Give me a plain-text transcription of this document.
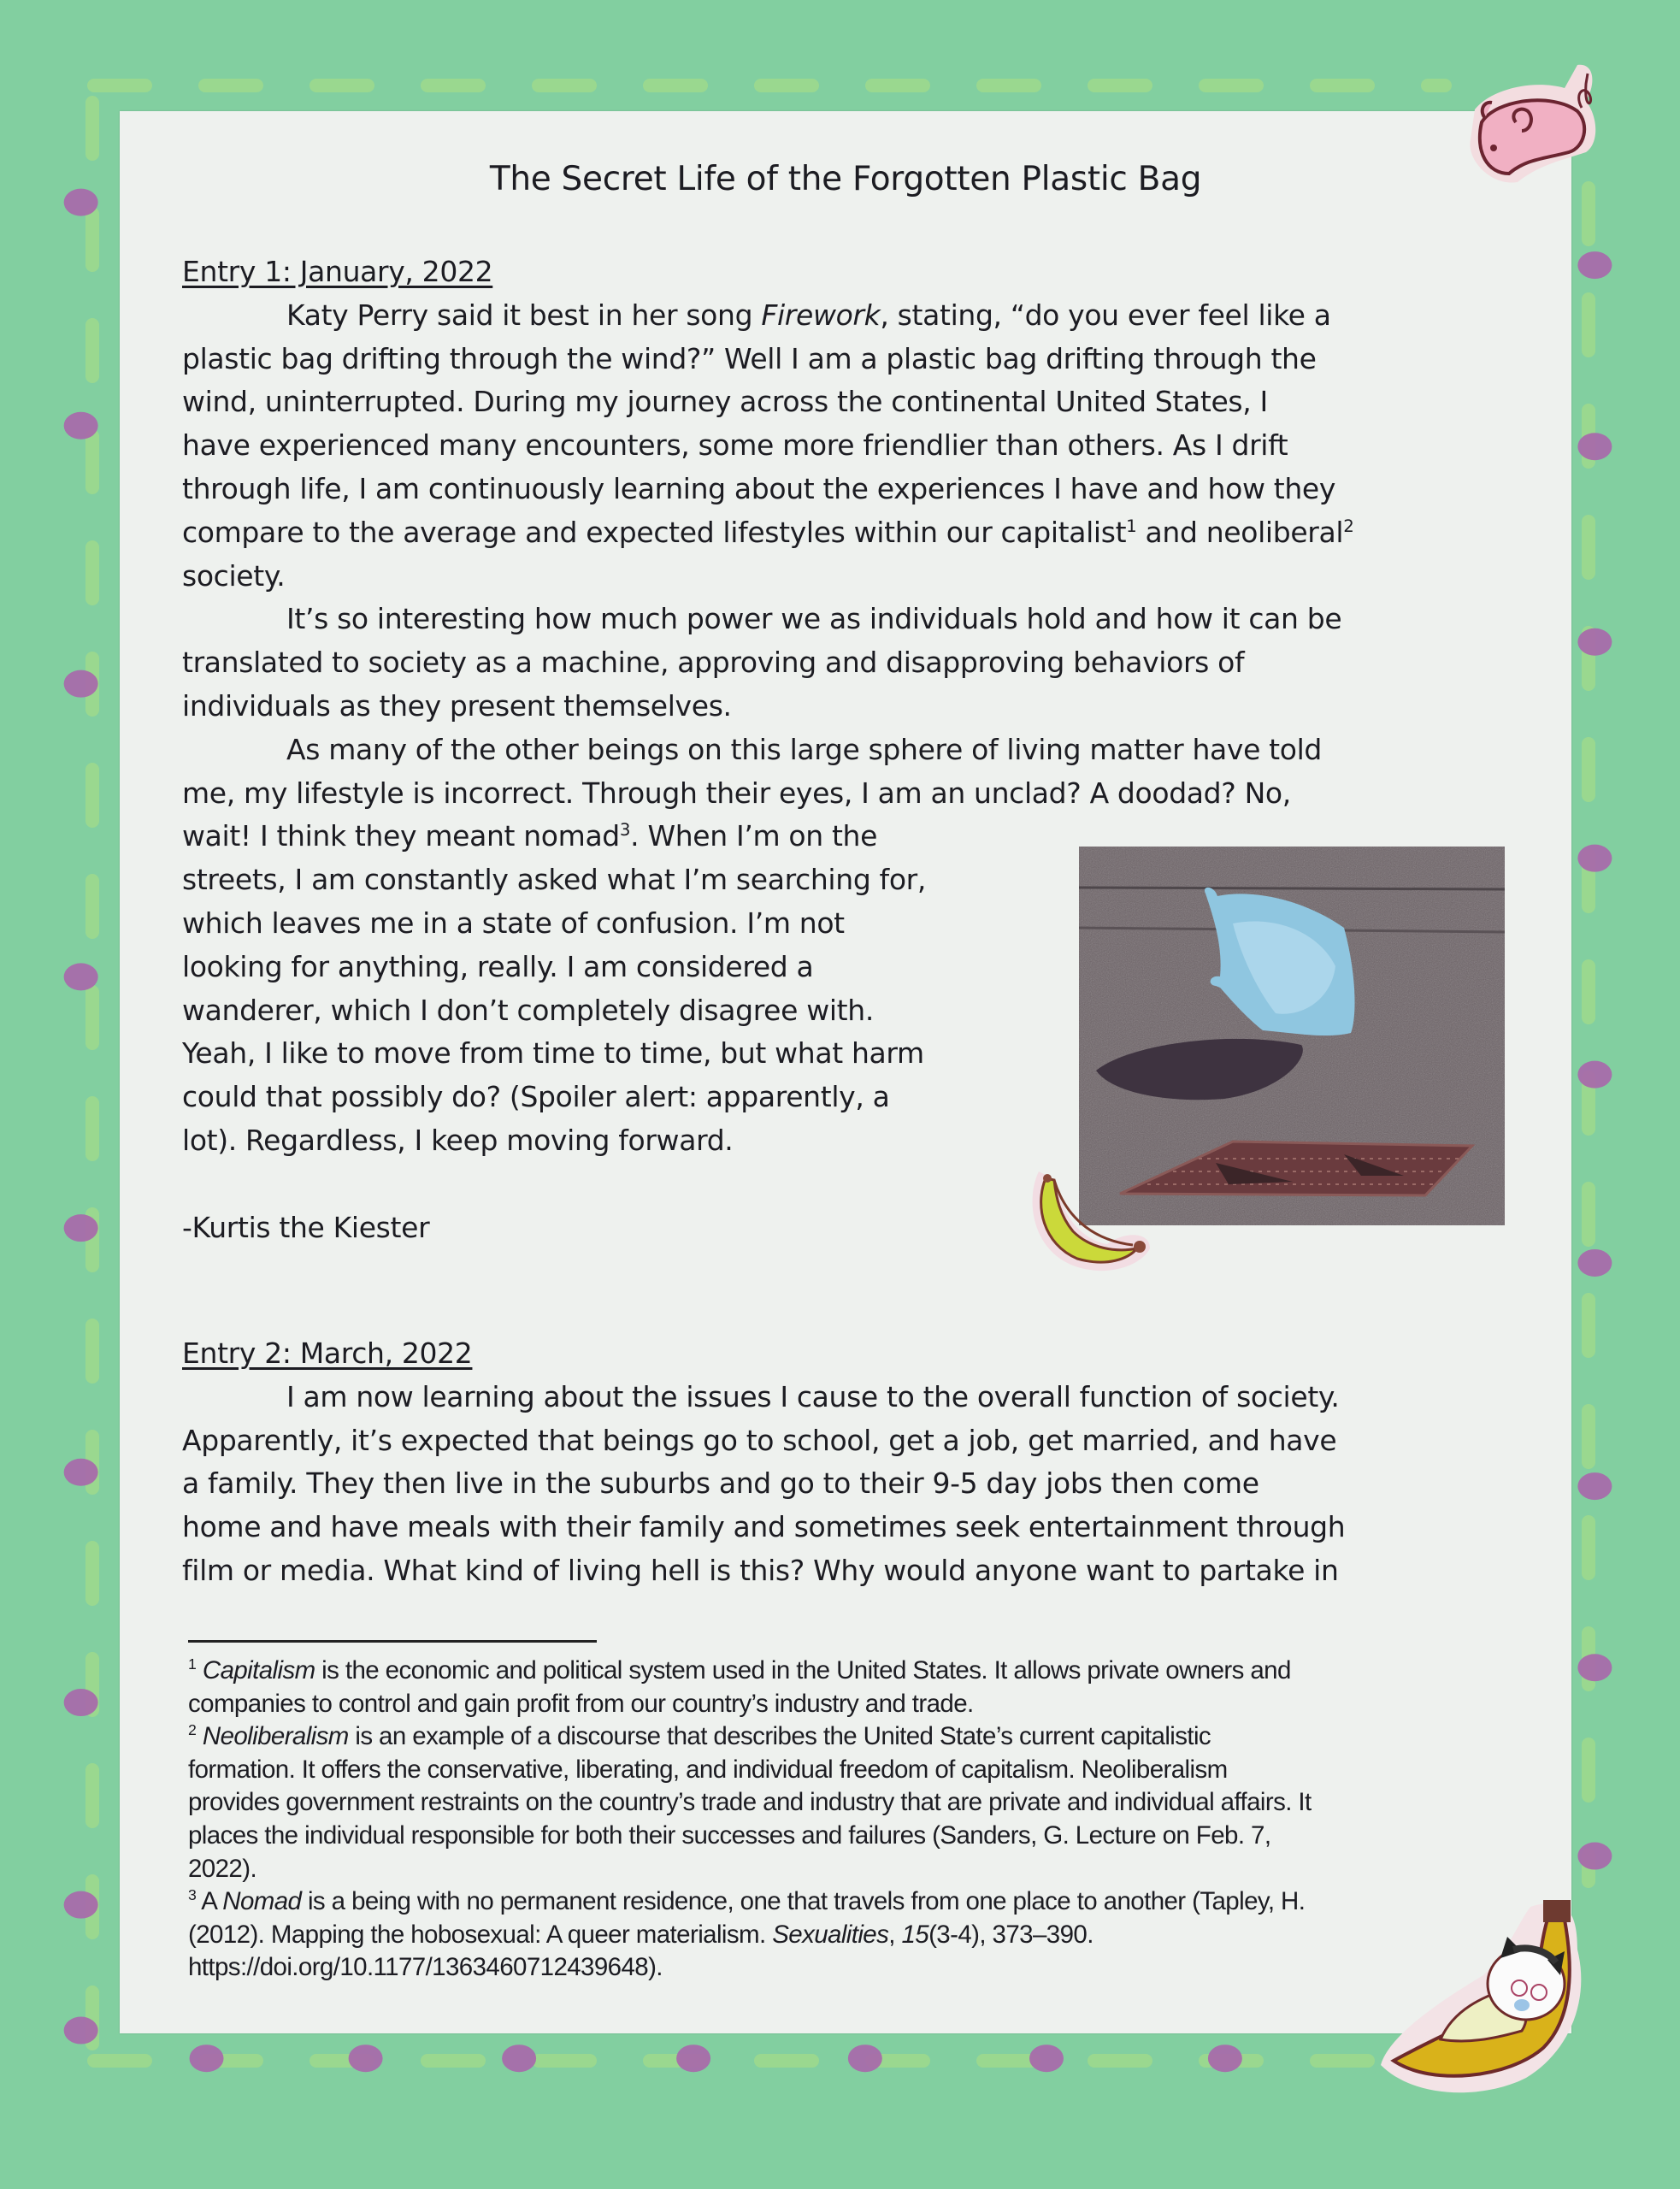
The Secret Life of the Forgotten Plastic Bag
Entry 1: January, 2022
Katy Perry said it best in her song Firework, stating, “do you ever feel like a
plastic bag drifting through the wind?” Well I am a plastic bag drifting through the
wind, uninterrupted. During my journey across the continental United States, I
have experienced many encounters, some more friendlier than others. As I drift
through life, I am continuously learning about the experiences I have and how they
compare to the average and expected lifestyles within our capitalist$^1$ and neoliberal$^2$
society.
It’s so interesting how much power we as individuals hold and how it can be
translated to society as a machine, approving and disapproving behaviors of
individuals as they present themselves.
As many of the other beings on this large sphere of living matter have told
me, my lifestyle is incorrect. Through their eyes, I am an unclad? A doodad? No,
wait! I think they meant nomad$^3$. When I’m on the
streets, I am constantly asked what I’m searching for,
which leaves me in a state of confusion. I’m not
looking for anything, really. I am considered a
wanderer, which I don’t completely disagree with.
Yeah, I like to move from time to time, but what harm
could that possibly do? (Spoiler alert: apparently, a
lot). Regardless, I keep moving forward.
-Kurtis the Kiester
Entry 2: March, 2022
I am now learning about the issues I cause to the overall function of society.
Apparently, it’s expected that beings go to school, get a job, get married, and have
a family. They then live in the suburbs and go to their 9-5 day jobs then come
home and have meals with their family and sometimes seek entertainment through
film or media. What kind of living hell is this? Why would anyone want to partake in
$^1$ Capitalism is the economic and political system used in the United States. It allows private owners and
companies to control and gain profit from our country’s industry and trade.
$^2$ Neoliberalism is an example of a discourse that describes the United State’s current capitalistic
formation. It offers the conservative, liberating, and individual freedom of capitalism. Neoliberalism
provides government restraints on the country’s trade and industry that are private and individual affairs. It
places the individual responsible for both their successes and failures (Sanders, G. Lecture on Feb. 7,
2022).
$^3$ A Nomad is a being with no permanent residence, one that travels from one place to another (Tapley, H.
(2012). Mapping the hobosexual: A queer materialism. Sexualities, 15(3-4), 373–390.
https://doi.org/10.1177/1363460712439648).
